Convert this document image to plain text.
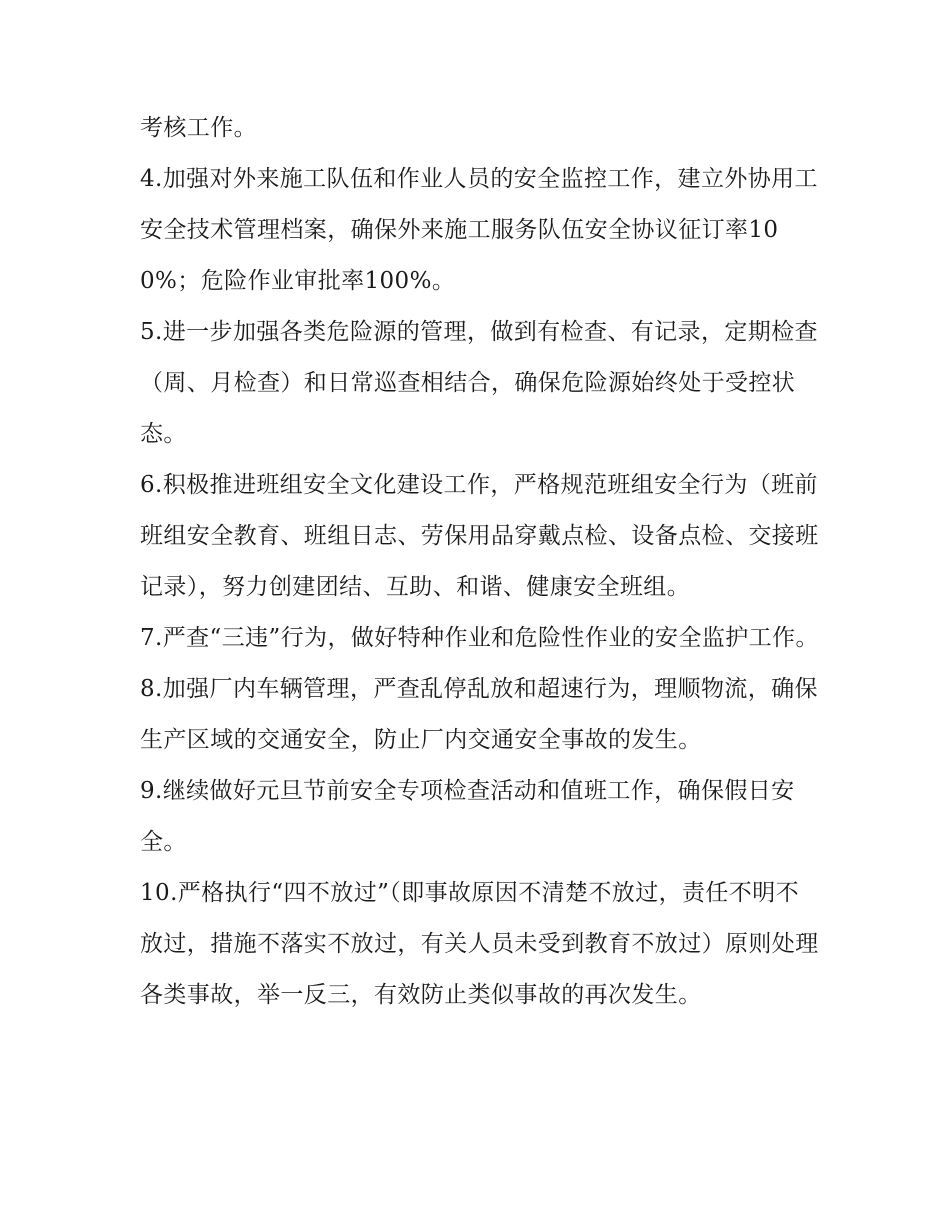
考核工作。

4.加强对外来施工队伍和作业人员的安全监控工作，建立外协用工安全技术管理档案，确保外来施工服务队伍安全协议征订率100%；危险作业审批率100%。

5.进一步加强各类危险源的管理，做到有检查、有记录，定期检查（周、月检查）和日常巡查相结合，确保危险源始终处于受控状态。

6.积极推进班组安全文化建设工作，严格规范班组安全行为（班前班组安全教育、班组日志、劳保用品穿戴点检、设备点检、交接班记录），努力创建团结、互助、和谐、健康安全班组。

7.严查“三违”行为，做好特种作业和危险性作业的安全监护工作。

8.加强厂内车辆管理，严查乱停乱放和超速行为，理顺物流，确保生产区域的交通安全，防止厂内交通安全事故的发生。

9.继续做好元旦节前安全专项检查活动和值班工作，确保假日安全。

10.严格执行“四不放过”（即事故原因不清楚不放过，责任不明不放过，措施不落实不放过，有关人员未受到教育不放过）原则处理各类事故，举一反三，有效防止类似事故的再次发生。
